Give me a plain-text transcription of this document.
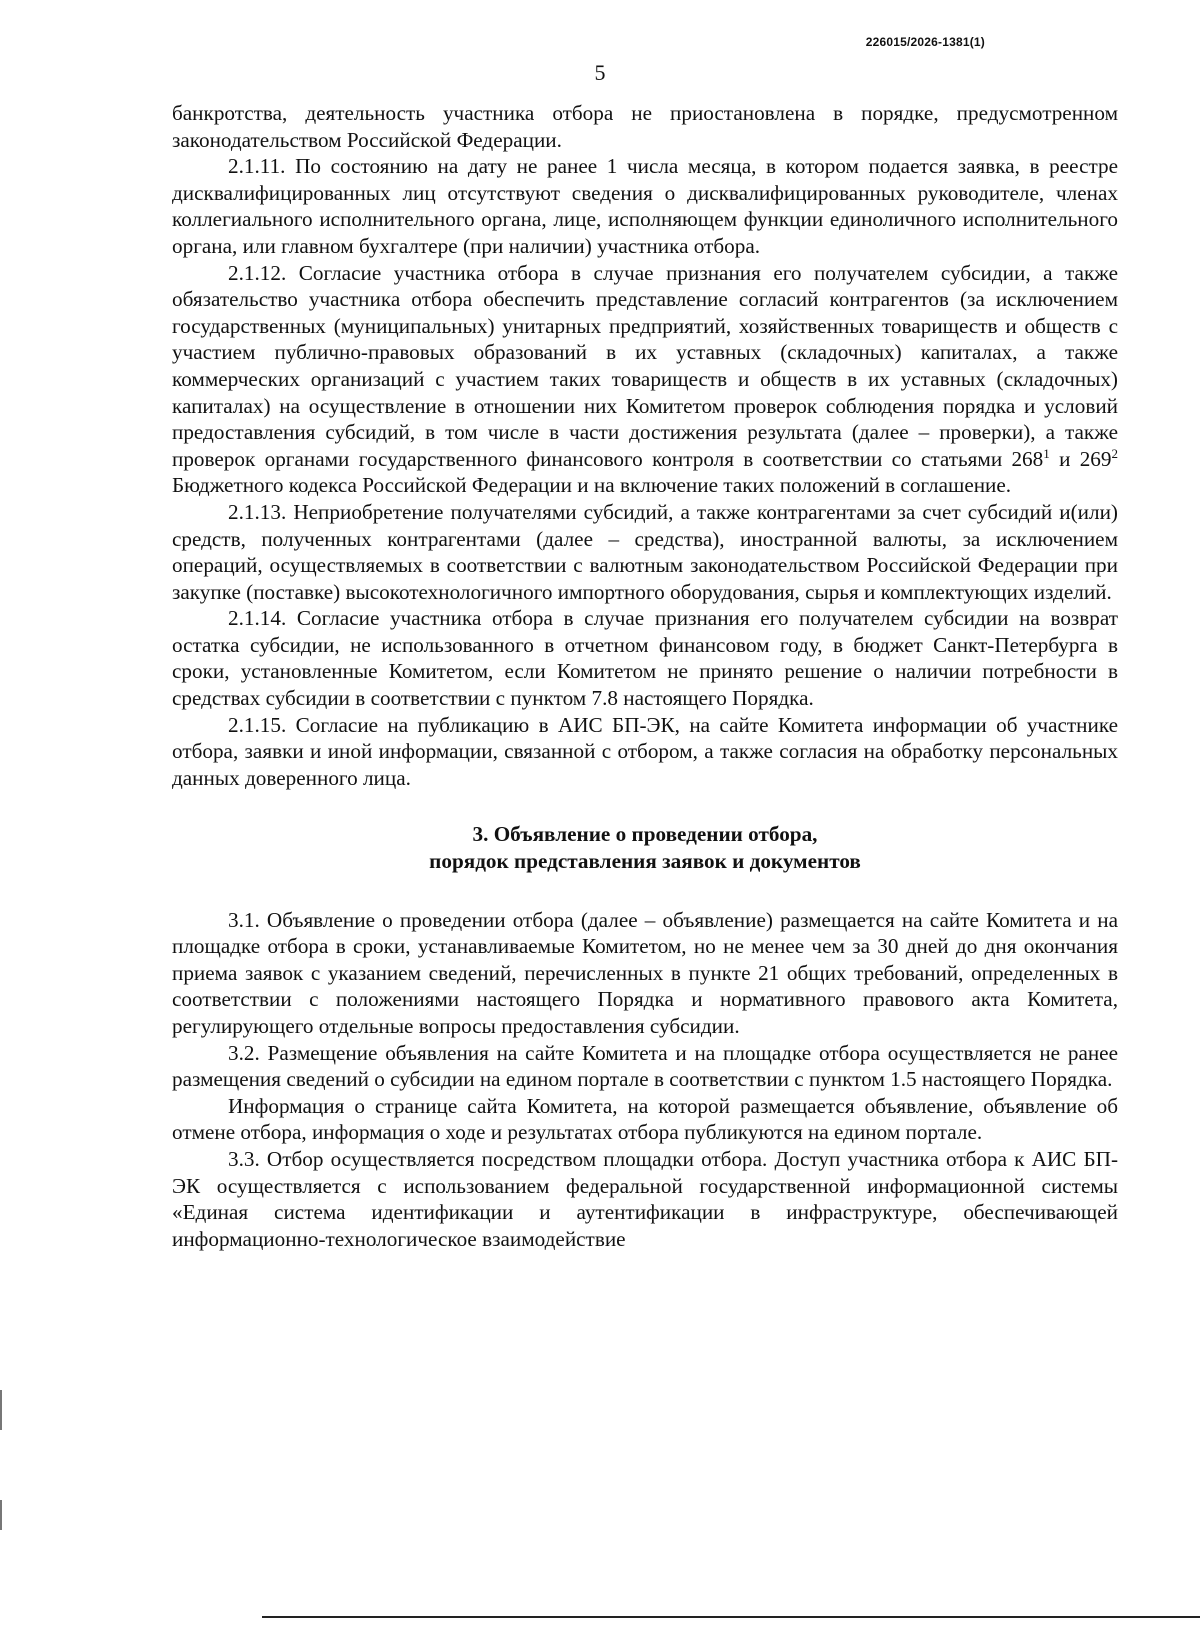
226015/2026-1381(1)
5

банкротства, деятельность участника отбора не приостановлена в порядке, предусмотренном законодательством Российской Федерации.

2.1.11. По состоянию на дату не ранее 1 числа месяца, в котором подается заявка, в реестре дисквалифицированных лиц отсутствуют сведения о дисквалифицированных руководителе, членах коллегиального исполнительного органа, лице, исполняющем функции единоличного исполнительного органа, или главном бухгалтере (при наличии) участника отбора.

2.1.12. Согласие участника отбора в случае признания его получателем субсидии, а также обязательство участника отбора обеспечить представление согласий контрагентов (за исключением государственных (муниципальных) унитарных предприятий, хозяйственных товариществ и обществ с участием публично-правовых образований в их уставных (складочных) капиталах, а также коммерческих организаций с участием таких товариществ и обществ в их уставных (складочных) капиталах) на осуществление в отношении них Комитетом проверок соблюдения порядка и условий предоставления субсидий, в том числе в части достижения результата (далее – проверки), а также проверок органами государственного финансового контроля в соответствии со статьями $268^1$ и $269^2$ Бюджетного кодекса Российской Федерации и на включение таких положений в соглашение.

2.1.13. Неприобретение получателями субсидий, а также контрагентами за счет субсидий и(или) средств, полученных контрагентами (далее – средства), иностранной валюты, за исключением операций, осуществляемых в соответствии с валютным законодательством Российской Федерации при закупке (поставке) высокотехнологичного импортного оборудования, сырья и комплектующих изделий.

2.1.14. Согласие участника отбора в случае признания его получателем субсидии на возврат остатка субсидии, не использованного в отчетном финансовом году, в бюджет Санкт-Петербурга в сроки, установленные Комитетом, если Комитетом не принято решение о наличии потребности в средствах субсидии в соответствии с пунктом 7.8 настоящего Порядка.

2.1.15. Согласие на публикацию в АИС БП-ЭК, на сайте Комитета информации об участнике отбора, заявки и иной информации, связанной с отбором, а также согласия на обработку персональных данных доверенного лица.

3. Объявление о проведении отбора,
порядок представления заявок и документов

3.1. Объявление о проведении отбора (далее – объявление) размещается на сайте Комитета и на площадке отбора в сроки, устанавливаемые Комитетом, но не менее чем за 30 дней до дня окончания приема заявок с указанием сведений, перечисленных в пункте 21 общих требований, определенных в соответствии с положениями настоящего Порядка и нормативного правового акта Комитета, регулирующего отдельные вопросы предоставления субсидии.

3.2. Размещение объявления на сайте Комитета и на площадке отбора осуществляется не ранее размещения сведений о субсидии на едином портале в соответствии с пунктом 1.5 настоящего Порядка.

Информация о странице сайта Комитета, на которой размещается объявление, объявление об отмене отбора, информация о ходе и результатах отбора публикуются на едином портале.

3.3. Отбор осуществляется посредством площадки отбора. Доступ участника отбора к АИС БП-ЭК осуществляется с использованием федеральной государственной информационной системы «Единая система идентификации и аутентификации в инфраструктуре, обеспечивающей информационно-технологическое взаимодействие
